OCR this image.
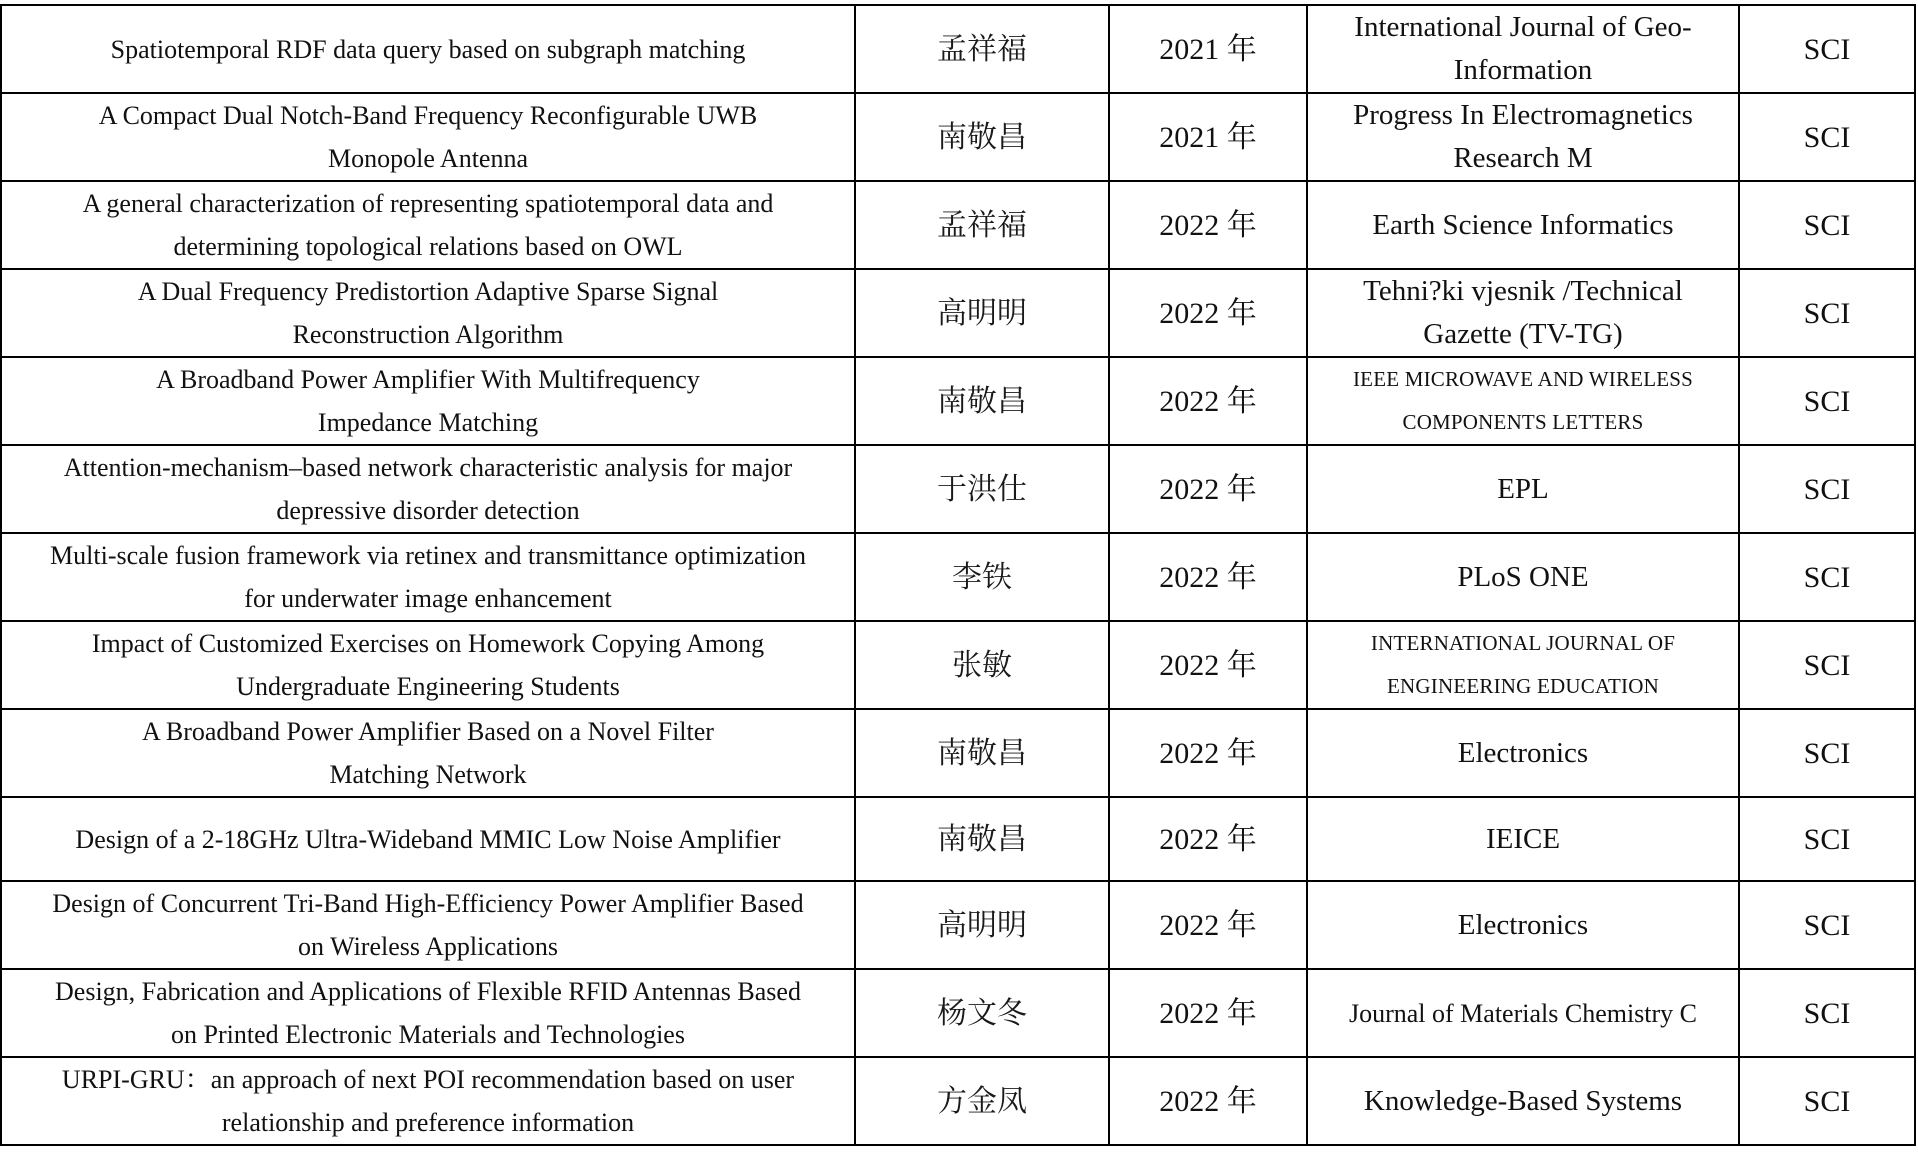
Spatiotemporal RDF data query based on subgraph matching	孟祥福	2021 年	International Journal of Geo-
Information	SCI

A Compact Dual Notch-Band Frequency Reconfigurable UWB
Monopole Antenna	南敬昌	2021 年	Progress In Electromagnetics
Research M	SCI

A general characterization of representing spatiotemporal data and
determining topological relations based on OWL	孟祥福	2022 年	Earth Science Informatics	SCI

A Dual Frequency Predistortion Adaptive Sparse Signal
Reconstruction Algorithm	高明明	2022 年	Tehni?ki vjesnik /Technical
Gazette (TV-TG)	SCI

A Broadband Power Amplifier With Multifrequency
Impedance Matching	南敬昌	2022 年	IEEE MICROWAVE AND WIRELESS
COMPONENTS LETTERS	SCI

Attention-mechanism–based network characteristic analysis for major
depressive disorder detection	于洪仕	2022 年	EPL	SCI

Multi-scale fusion framework via retinex and transmittance optimization
for underwater image enhancement	李铁	2022 年	PLoS ONE	SCI

Impact of Customized Exercises on Homework Copying Among
Undergraduate Engineering Students	张敏	2022 年	INTERNATIONAL JOURNAL OF
ENGINEERING EDUCATION	SCI

A Broadband Power Amplifier Based on a Novel Filter
Matching Network	南敬昌	2022 年	Electronics	SCI

Design of a 2-18GHz Ultra-Wideband MMIC Low Noise Amplifier	南敬昌	2022 年	IEICE	SCI

Design of Concurrent Tri-Band High-Efficiency Power Amplifier Based
on Wireless Applications	高明明	2022 年	Electronics	SCI

Design, Fabrication and Applications of Flexible RFID Antennas Based
on Printed Electronic Materials and Technologies	杨文冬	2022 年	Journal of Materials Chemistry C	SCI

URPI-GRU：an approach of next POI recommendation based on user
relationship and preference information	方金凤	2022 年	Knowledge-Based Systems	SCI
